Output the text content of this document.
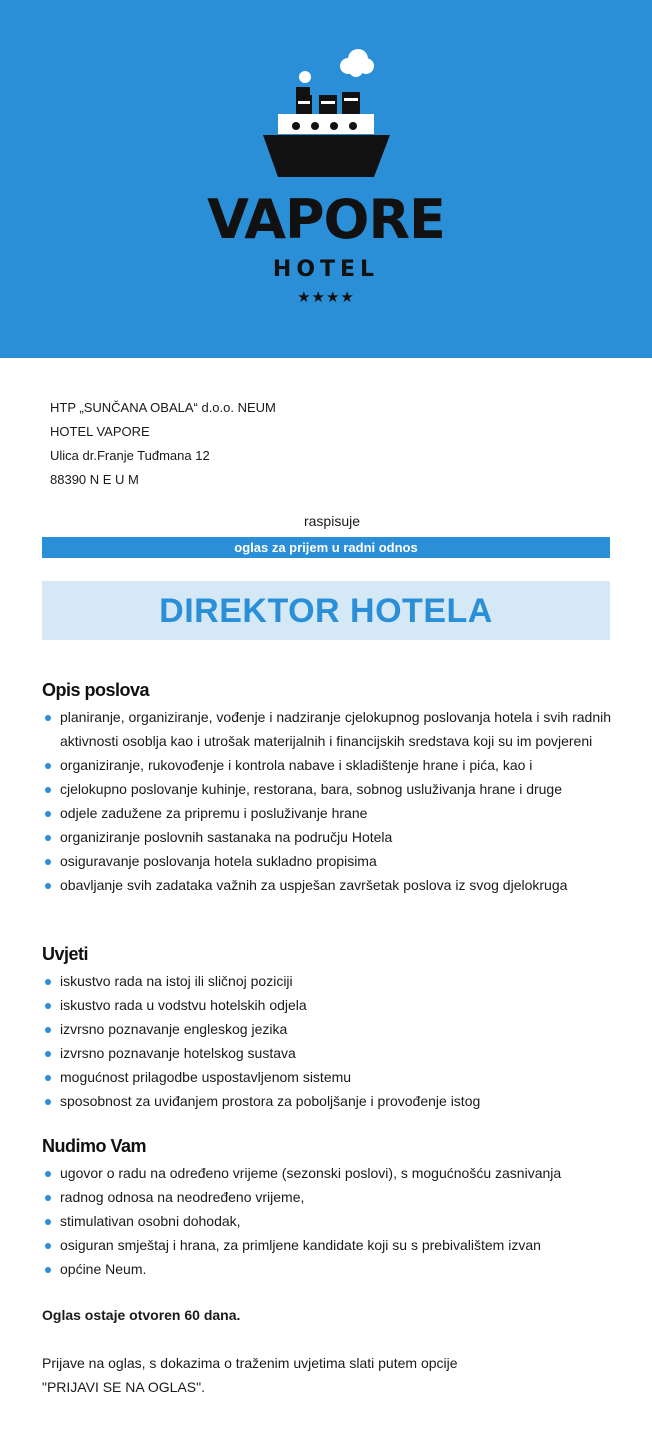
VAPORE
HOTEL
★★★★
HTP „SUNČANA OBALA“ d.o.o. NEUM
HOTEL VAPORE
Ulica dr.Franje Tuđmana 12
88390 N E U M
raspisuje
oglas za prijem u radni odnos
DIREKTOR HOTELA
Opis poslova
planiranje, organiziranje, vođenje i nadziranje cjelokupnog poslovanja hotela i svih radnih aktivnosti osoblja kao i utrošak materijalnih i financijskih sredstava koji su im povjereni
organiziranje, rukovođenje i kontrola nabave i skladištenje hrane i pića, kao i
cjelokupno poslovanje kuhinje, restorana, bara, sobnog usluživanja hrane i druge
odjele zadužene za pripremu i posluživanje hrane
organiziranje poslovnih sastanaka na području Hotela
osiguravanje poslovanja hotela sukladno propisima
obavljanje svih zadataka važnih za uspješan završetak poslova iz svog djelokruga
Uvjeti
iskustvo rada na istoj ili sličnoj poziciji
iskustvo rada u vodstvu hotelskih odjela
izvrsno poznavanje engleskog jezika
izvrsno poznavanje hotelskog sustava
mogućnost prilagodbe uspostavljenom sistemu
sposobnost za uviđanjem prostora za poboljšanje i provođenje istog
Nudimo Vam
ugovor o radu na određeno vrijeme (sezonski poslovi), s mogućnošću zasnivanja
radnog odnosa na neodređeno vrijeme,
stimulativan osobni dohodak,
osiguran smještaj i hrana, za primljene kandidate koji su s prebivalištem izvan
općine Neum.
Oglas ostaje otvoren 60 dana.
Prijave na oglas, s dokazima o traženim uvjetima slati putem opcije
"PRIJAVI SE NA OGLAS".
